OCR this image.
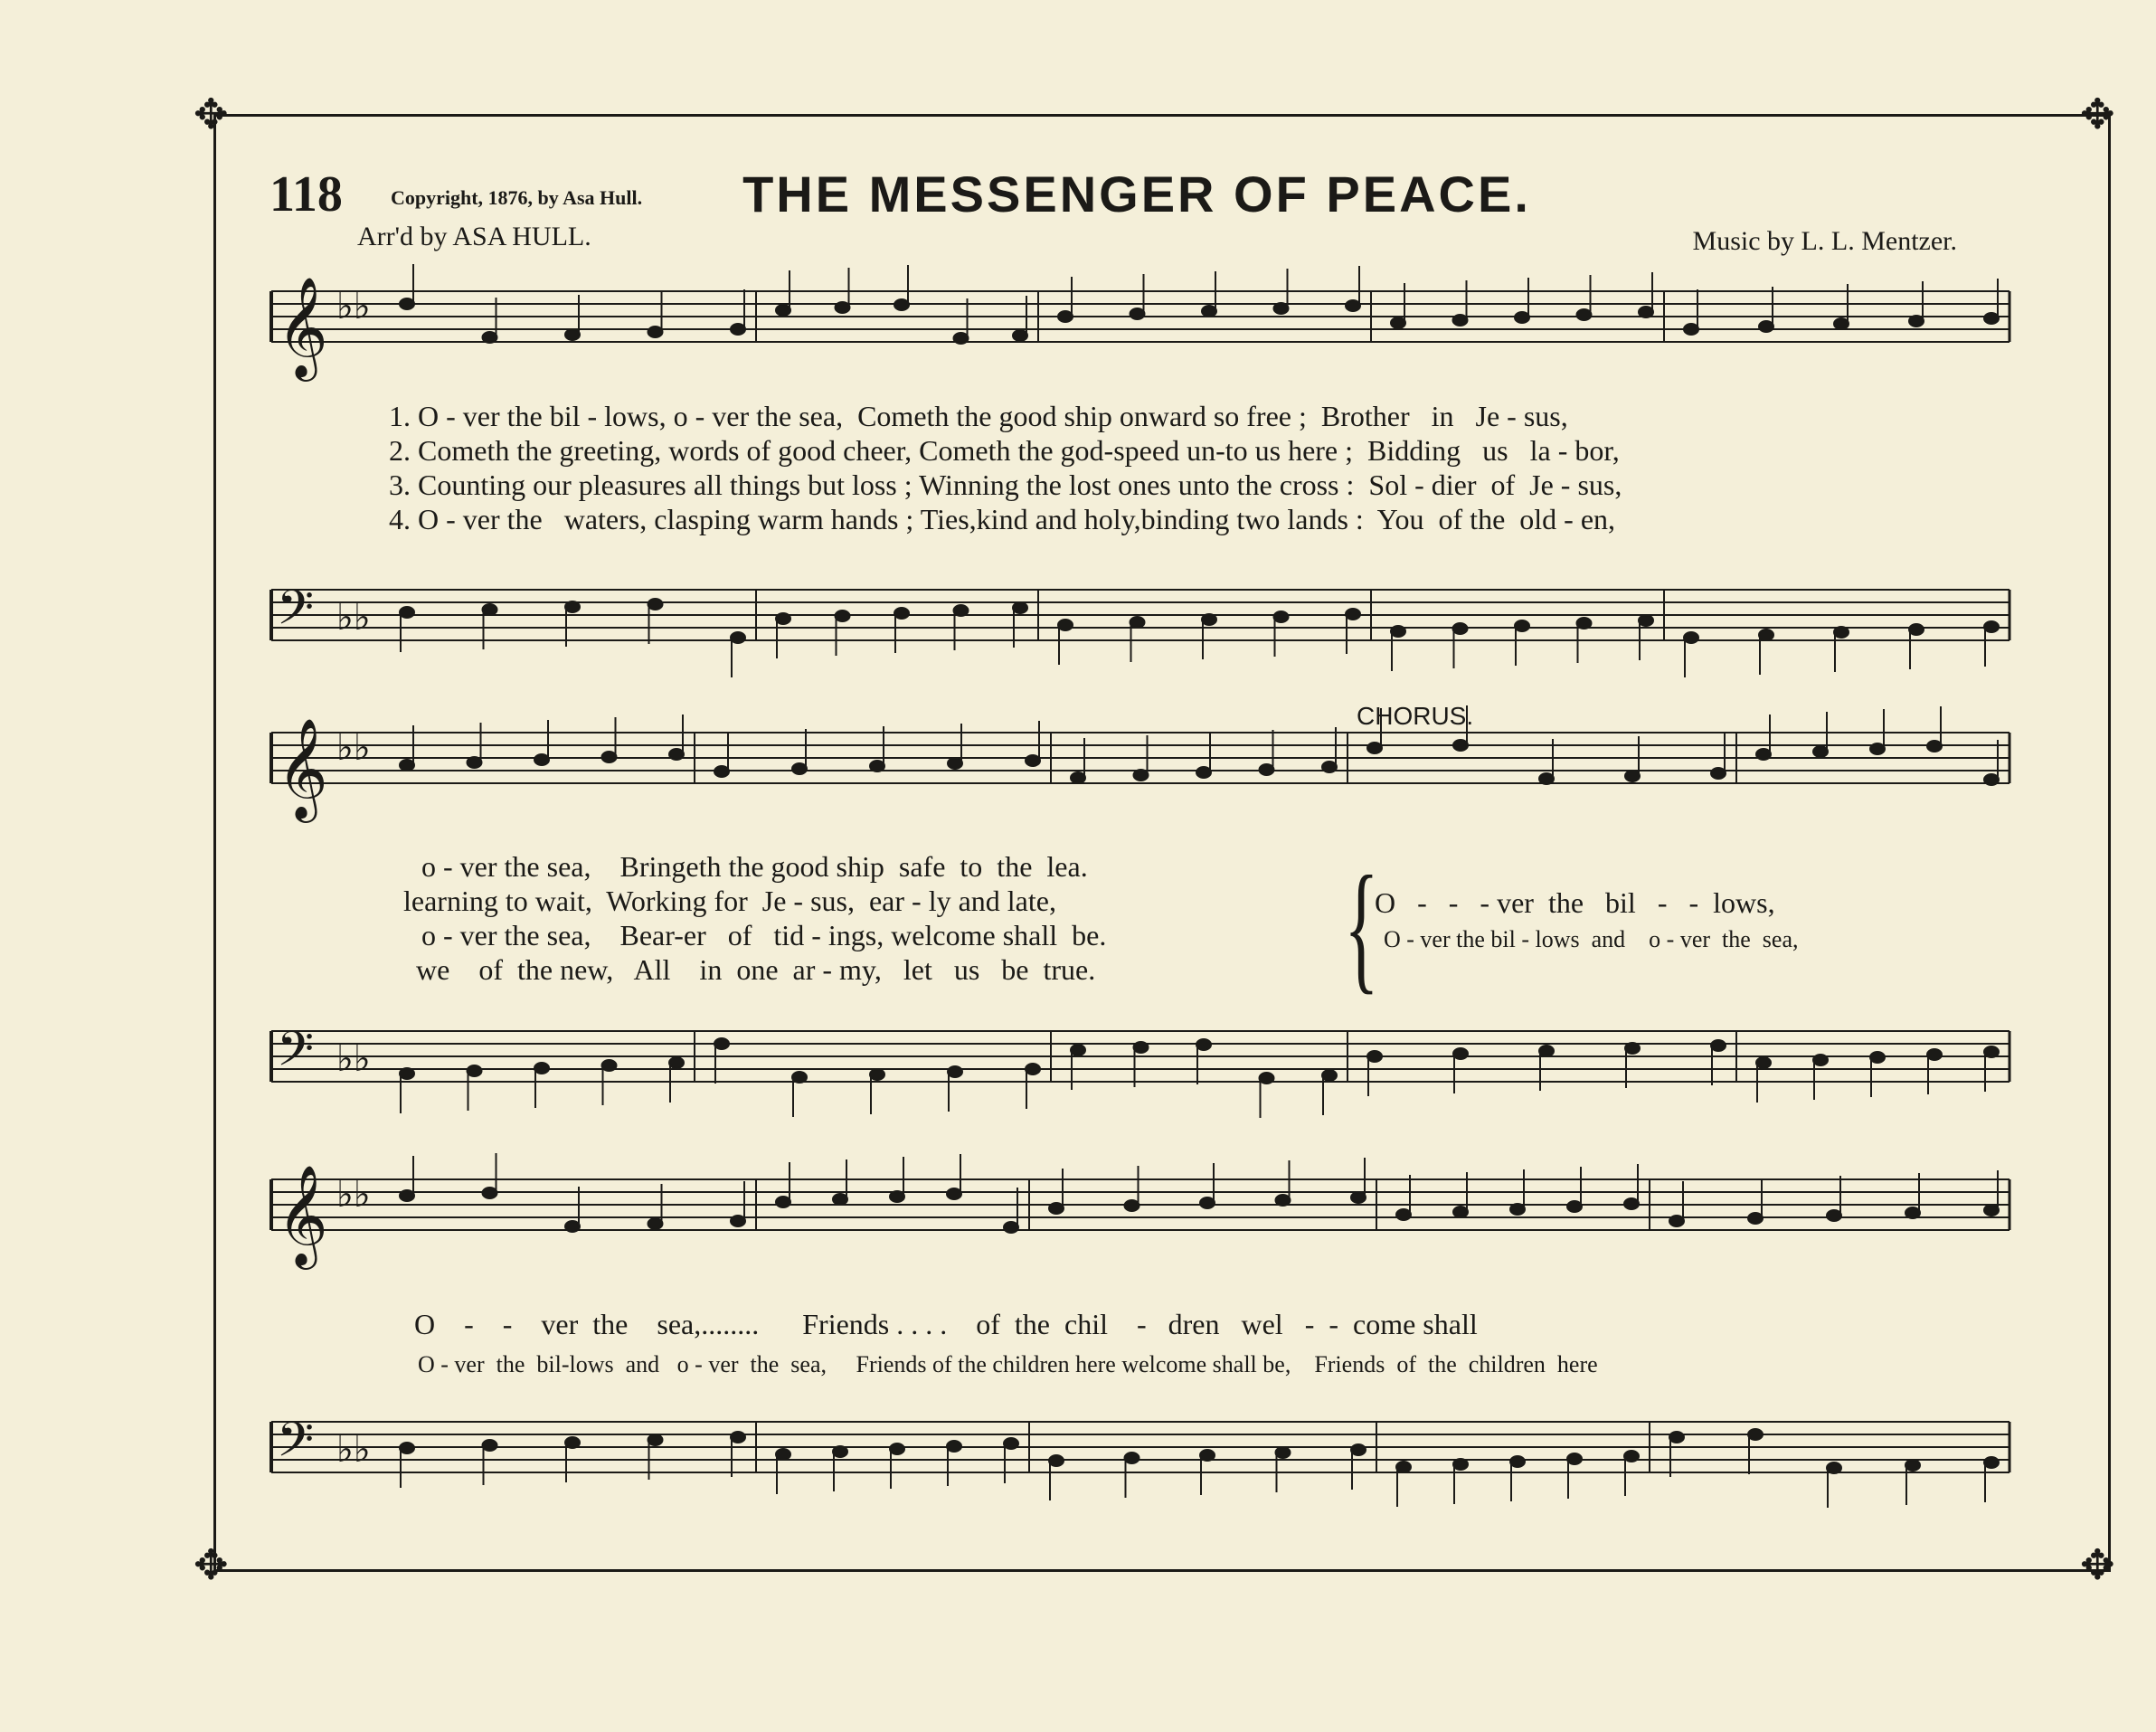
✥	✥
✥	✥
118 Copyright, 1876, by Asa Hull.	THE MESSENGER OF PEACE.
Arr'd by ASA HULL.	Music by L. L. Mentzer.
𝄞 ♭♭
𝄢 ♭♭
𝄞 ♭♭
𝄢 ♭♭
𝄞 ♭♭
𝄢 ♭♭
1. O - ver the bil - lows, o - ver the sea, Cometh the good ship onward so free ; Brother in Je - sus,
2. Cometh the greeting, words of good cheer, Cometh the god-speed un-to us here ; Bidding us la - bor,
3. Counting our pleasures all things but loss ; Winning the lost ones unto the cross : Sol - dier of Je - sus,
4. O - ver the waters, clasping warm hands ; Ties,kind and holy,binding two lands : You of the old - en,
CHORUS.
o - ver the sea,    Bringeth the good ship  safe  to  the  lea.
learning to wait,  Working for  Je - sus,  ear - ly and late,
o - ver the sea,    Bear-er   of   tid - ings, welcome shall  be.
we    of  the new,   All    in  one  ar - my,   let   us   be  true. {
O   -   -   - ver  the   bil   -   -  lows,
O - ver the bil - lows  and    o - ver  the  sea,
O    -    -    ver  the    sea,........      Friends . . . .    of  the  chil    -   dren   wel   -  -  come shall
O - ver  the  bil-lows  and   o - ver  the  sea,     Friends of the children here welcome shall be,    Friends  of  the  children  here
